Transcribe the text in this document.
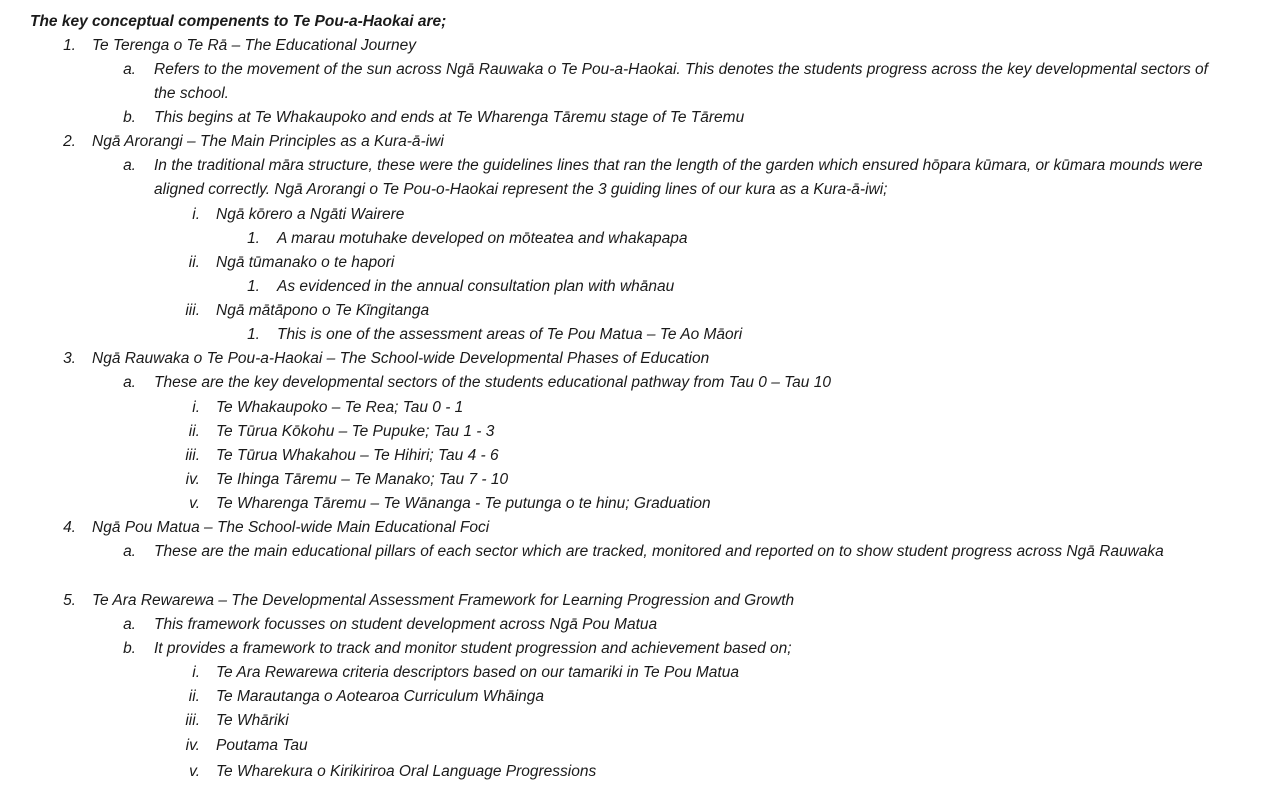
The key conceptual compenents to Te Pou-a-Haokai are;
1. Te Terenga o Te Rā – The Educational Journey
a. Refers to the movement of the sun across Ngā Rauwaka o Te Pou-a-Haokai. This denotes the students progress across the key developmental sectors of the school.
b. This begins at Te Whakaupoko and ends at Te Wharenga Tāremu stage of Te Tāremu
2. Ngā Arorangi – The Main Principles as a Kura-ā-iwi
a. In the traditional māra structure, these were the guidelines lines that ran the length of the garden which ensured hōpara kūmara, or kūmara mounds were aligned correctly. Ngā Arorangi o Te Pou-o-Haokai represent the 3 guiding lines of our kura as a Kura-ā-iwi;
i. Ngā kōrero a Ngāti Wairere
1. A marau motuhake developed on mōteatea and whakapapa
ii. Ngā tūmanako o te hapori
1. As evidenced in the annual consultation plan with whānau
iii. Ngā mātāpono o Te Kīngitanga
1. This is one of the assessment areas of Te Pou Matua – Te Ao Māori
3. Ngā Rauwaka o Te Pou-a-Haokai – The School-wide Developmental Phases of Education
a. These are the key developmental sectors of the students educational pathway from Tau 0 – Tau 10
i. Te Whakaupoko – Te Rea; Tau 0 - 1
ii. Te Tūrua Kōkohu – Te Pupuke; Tau 1 - 3
iii. Te Tūrua Whakahou – Te Hihiri; Tau 4 - 6
iv. Te Ihinga Tāremu – Te Manako; Tau 7 - 10
v. Te Wharenga Tāremu – Te Wānanga - Te putunga o te hinu; Graduation
4. Ngā Pou Matua – The School-wide Main Educational Foci
a. These are the main educational pillars of each sector which are tracked, monitored and reported on to show student progress across Ngā Rauwaka
5. Te Ara Rewarewa – The Developmental Assessment Framework for Learning Progression and Growth
a. This framework focusses on student development across Ngā Pou Matua
b. It provides a framework to track and monitor student progression and achievement based on;
i. Te Ara Rewarewa criteria descriptors based on our tamariki in Te Pou Matua
ii. Te Marautanga o Aotearoa Curriculum Whāinga
iii. Te Whāriki
iv. Poutama Tau
v. Te Wharekura o Kirikiriroa Oral Language Progressions
